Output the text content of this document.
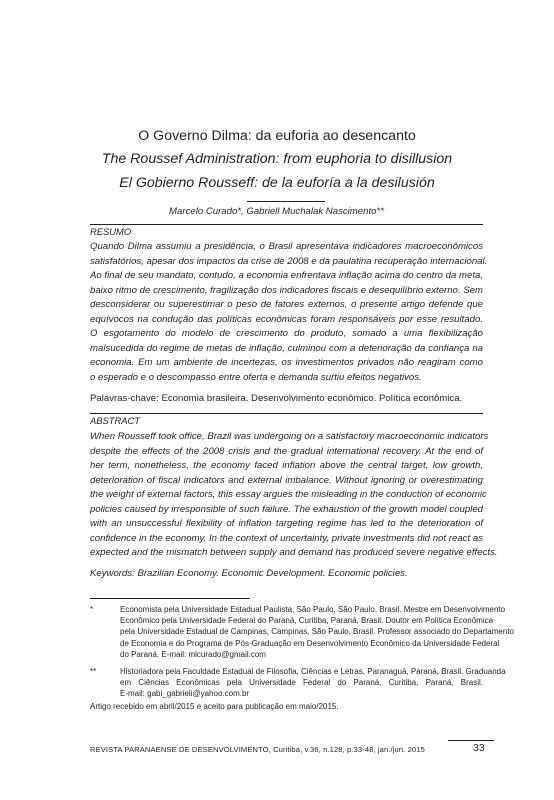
O Governo Dilma: da euforia ao desencanto
The Roussef Administration: from euphoria to disillusion
El Gobierno Rousseff: de la euforía a la desilusión
Marcelo Curado*, Gabriell Muchalak Nascimento**
RESUMO
Quando Dilma assumiu a presidência, o Brasil apresentava indicadores macroeconômicos
satisfatórios, apesar dos impactos da crise de 2008 e da paulatina recuperação internacional.
Ao final de seu mandato, contudo, a economia enfrentava inflação acima do centro da meta,
baixo ritmo de crescimento, fragilização dos indicadores fiscais e desequilíbrio externo. Sem
desconsiderar ou superestimar o peso de fatores externos, o presente artigo defende que
equívocos na condução das políticas econômicas foram responsáveis por esse resultado.
O esgotamento do modelo de crescimento do produto, somado a uma flexibilização
malsucedida do regime de metas de inflação, culminou com a deterioração da confiança na
economia. Em um ambiente de incertezas, os investimentos privados não reagiram como
o esperado e o descompasso entre oferta e demanda surtiu efeitos negativos.
Palavras-chave: Economia brasileira. Desenvolvimento econômico. Política econômica.
ABSTRACT
When Rousseff took office, Brazil was undergoing on a satisfactory macroeconomic indicators
despite the effects of the 2008 crisis and the gradual international recovery. At the end of
her term, nonetheless, the economy faced inflation above the central target, low growth,
deterioration of fiscal indicators and external imbalance. Without ignoring or overestimating
the weight of external factors, this essay argues the misleading in the conduction of economic
policies caused by irresponsible of such failure. The exhaustion of the growth model coupled
with an unsuccessful flexibility of inflation targeting regime has led to the deterioration of
confidence in the economy. In the context of uncertainty, private investments did not react as
expected and the mismatch between supply and demand has produced severe negative effects.
Keywords: Brazilian Economy. Economic Development. Economic policies.
*	Economista pela Universidade Estadual Paulista, São Paulo, São Paulo, Brasil. Mestre em Desenvolvimento
Econômico pela Universidade Federal do Paraná, Curitiba, Paraná, Brasil. Doutor em Política Econômica
pela Universidade Estadual de Campinas, Campinas, São Paulo, Brasil. Professor associado do Departamento
de Economia e do Programa de Pós-Graduação em Desenvolvimento Econômico da Universidade Federal
do Paraná. E-mail: mlcurado@gmail.com
**	Historiadora pela Faculdade Estadual de Filosofia, Ciências e Letras, Paranaguá, Paraná, Brasil. Graduanda
em Ciências Econômicas pela Universidade Federal do Paraná, Curitiba, Paraná, Brasil.
E-mail: gabi_gabrieli@yahoo.com.br
Artigo recebido em abril/2015 e aceito para publicação em maio/2015.
REVISTA PARANAENSE DE DESENVOLVIMENTO, Curitiba, v.36, n.128, p.33-48, jan./jun. 2015	33
